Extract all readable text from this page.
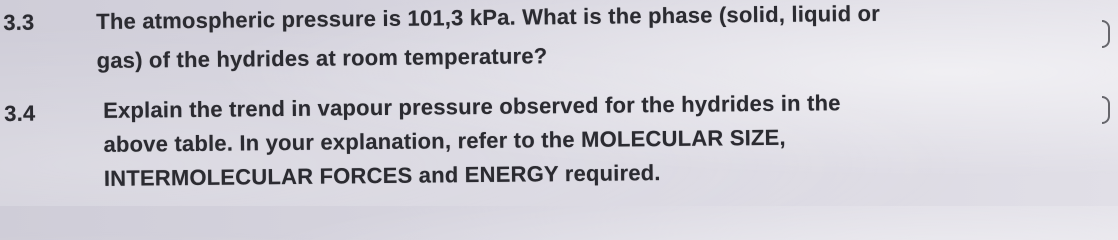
3.3	The atmospheric pressure is 101,3 kPa. What is the phase (solid, liquid or
gas) of the hydrides at room temperature?
3.4	Explain the trend in vapour pressure observed for the hydrides in the
above table. In your explanation, refer to the MOLECULAR SIZE,
INTERMOLECULAR FORCES and ENERGY required.
